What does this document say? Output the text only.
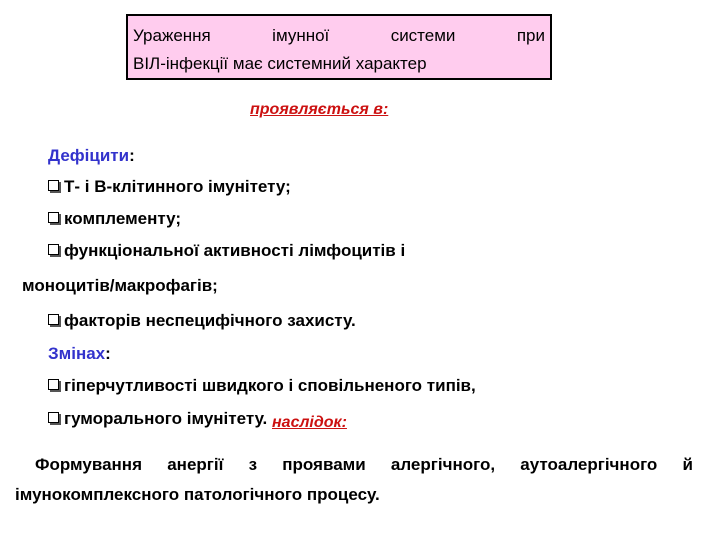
Ураження	імунної	системи	при
ВІЛ-інфекції має системний характер
проявляється в:
Дефіцити:
Т- і В-клітинного імунітету;
комплементу;
функціональної активності лімфоцитів і
моноцитів/макрофагів;
факторів неспецифічного захисту.
Змінах:
гіперчутливості швидкого і сповільненого типів,
гуморального імунітету. наслідок:
Формування анергії з проявами алергічного, аутоалергічного й імунокомплексного патологічного процесу.
